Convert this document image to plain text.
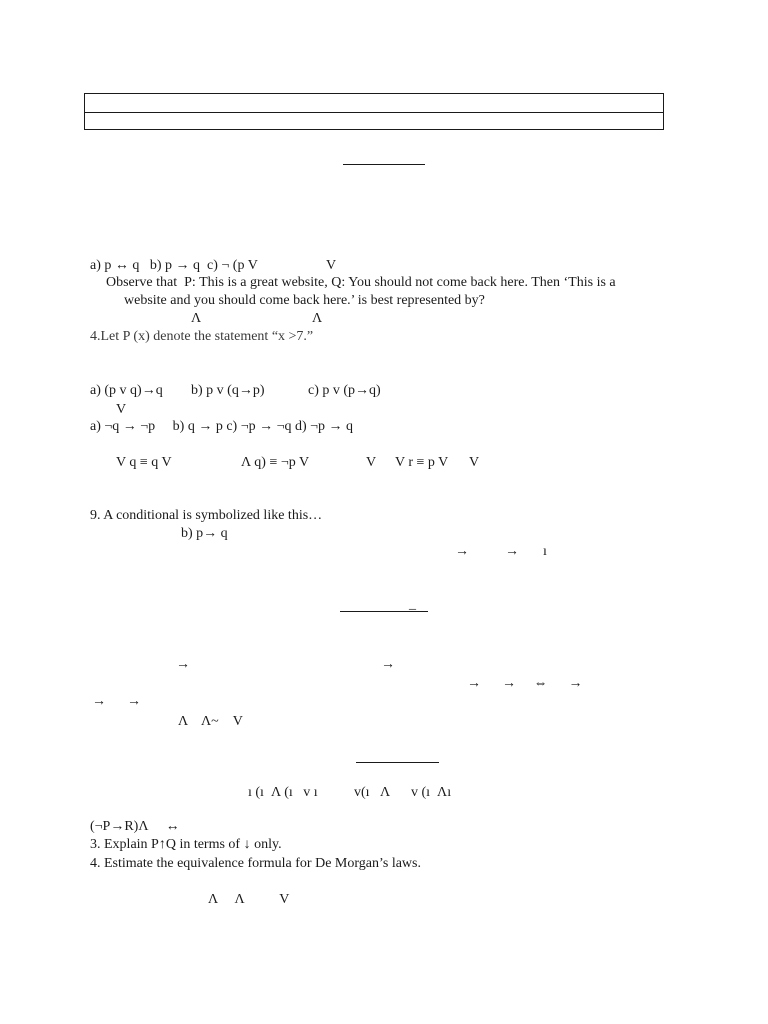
a) p ↔ q   b) p → q  c) ¬ (p V	V
Observe that  P: This is a great website, Q: You should not come back here. Then ‘This is a
website and you should come back here.’ is best represented by?
Λ	Λ
4.Let P (x) denote the statement “x >7.”
a) (p v q)→q b) p v (q→p)	c) p v (p→q)
V
a) ¬q → ¬p     b) q → p c) ¬p → ¬q d) ¬p → q
V q ≡ q V	Λ q) ≡ ¬p V	V V r ≡ p V V
9. A conditional is symbolized like this…
b) p→ q
→	→ ı
_
→	→
→      →     ⇔      →
→      →
Λ    Λ~    V
ı (ı  Λ (ı   v ı	v(ı   Λ v (ı  Λı
(¬P→R)Λ     ↔
3. Explain P↑Q in terms of ↓ only.
4. Estimate the equivalence formula for De Morgan’s laws.
Λ     Λ          V
